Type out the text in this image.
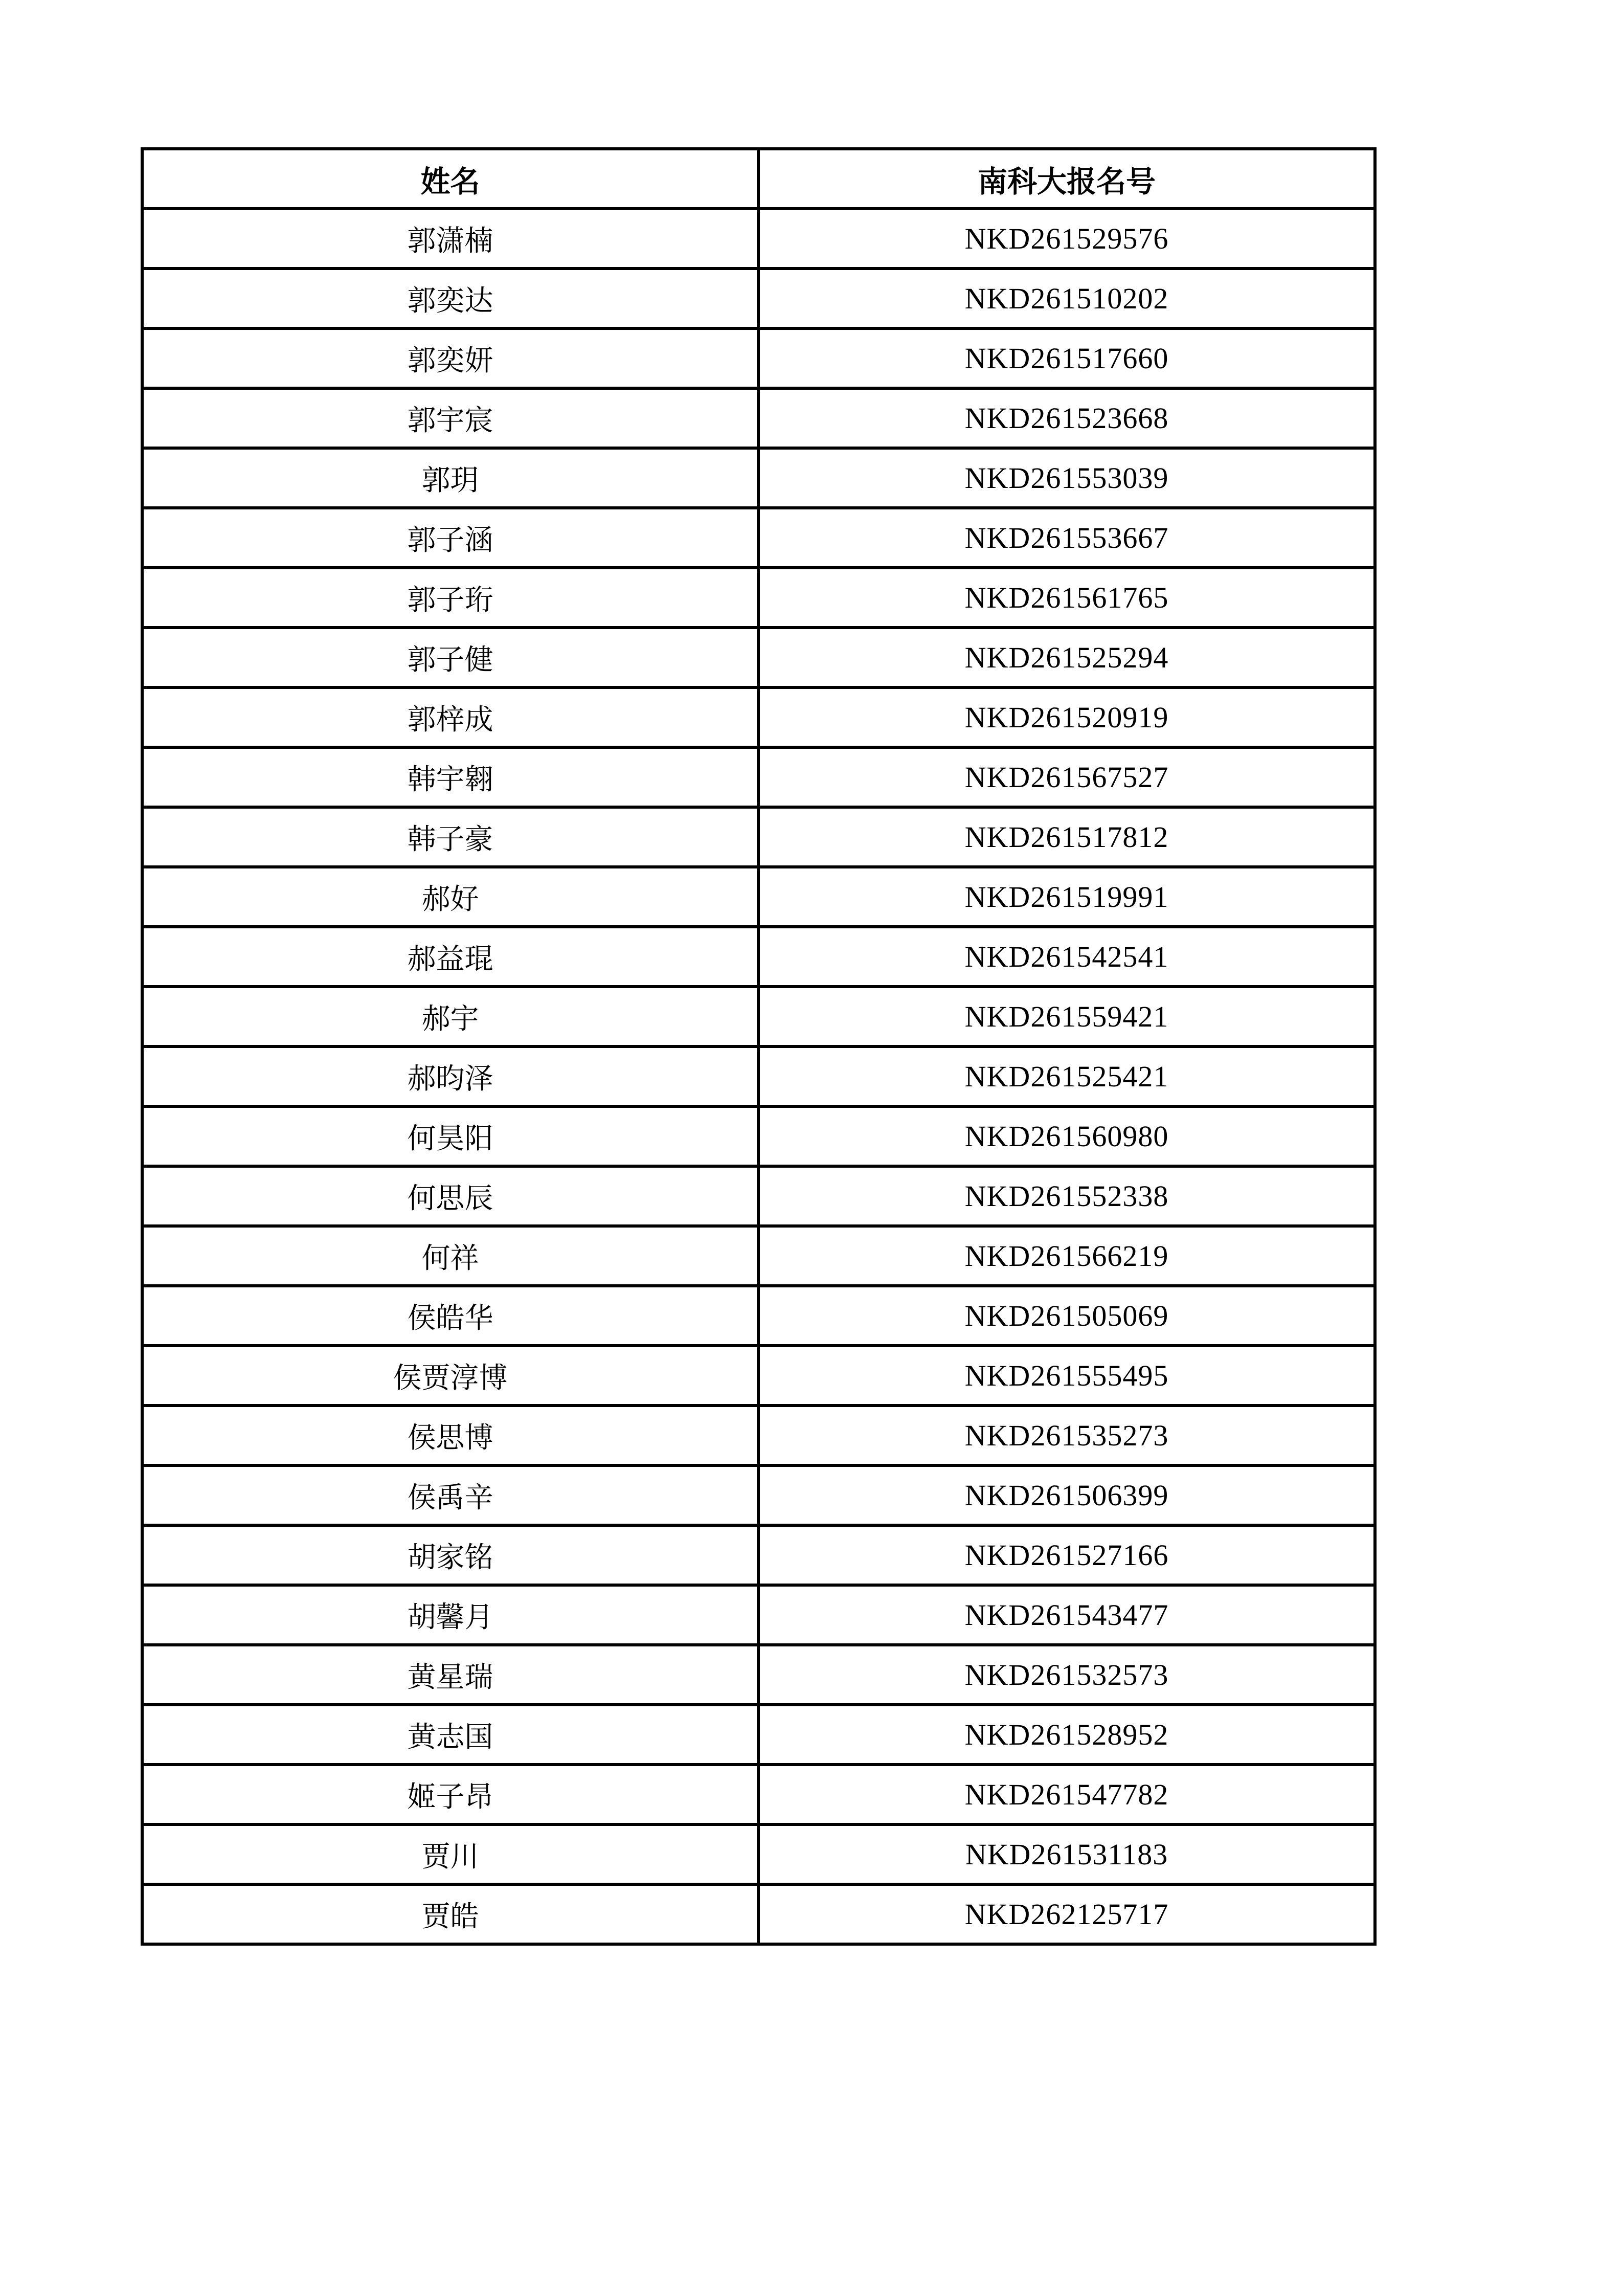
姓名	南科大报名号
郭潇楠	NKD261529576
郭奕达	NKD261510202
郭奕妍	NKD261517660
郭宇宸	NKD261523668
郭玥	NKD261553039
郭子涵	NKD261553667
郭子珩	NKD261561765
郭子健	NKD261525294
郭梓成	NKD261520919
韩宇翱	NKD261567527
韩子豪	NKD261517812
郝好	NKD261519991
郝益琨	NKD261542541
郝宇	NKD261559421
郝昀泽	NKD261525421
何昊阳	NKD261560980
何思辰	NKD261552338
何祥	NKD261566219
侯皓华	NKD261505069
侯贾淳博	NKD261555495
侯思博	NKD261535273
侯禹辛	NKD261506399
胡家铭	NKD261527166
胡馨月	NKD261543477
黄星瑞	NKD261532573
黄志国	NKD261528952
姬子昂	NKD261547782
贾川	NKD261531183
贾皓	NKD262125717
